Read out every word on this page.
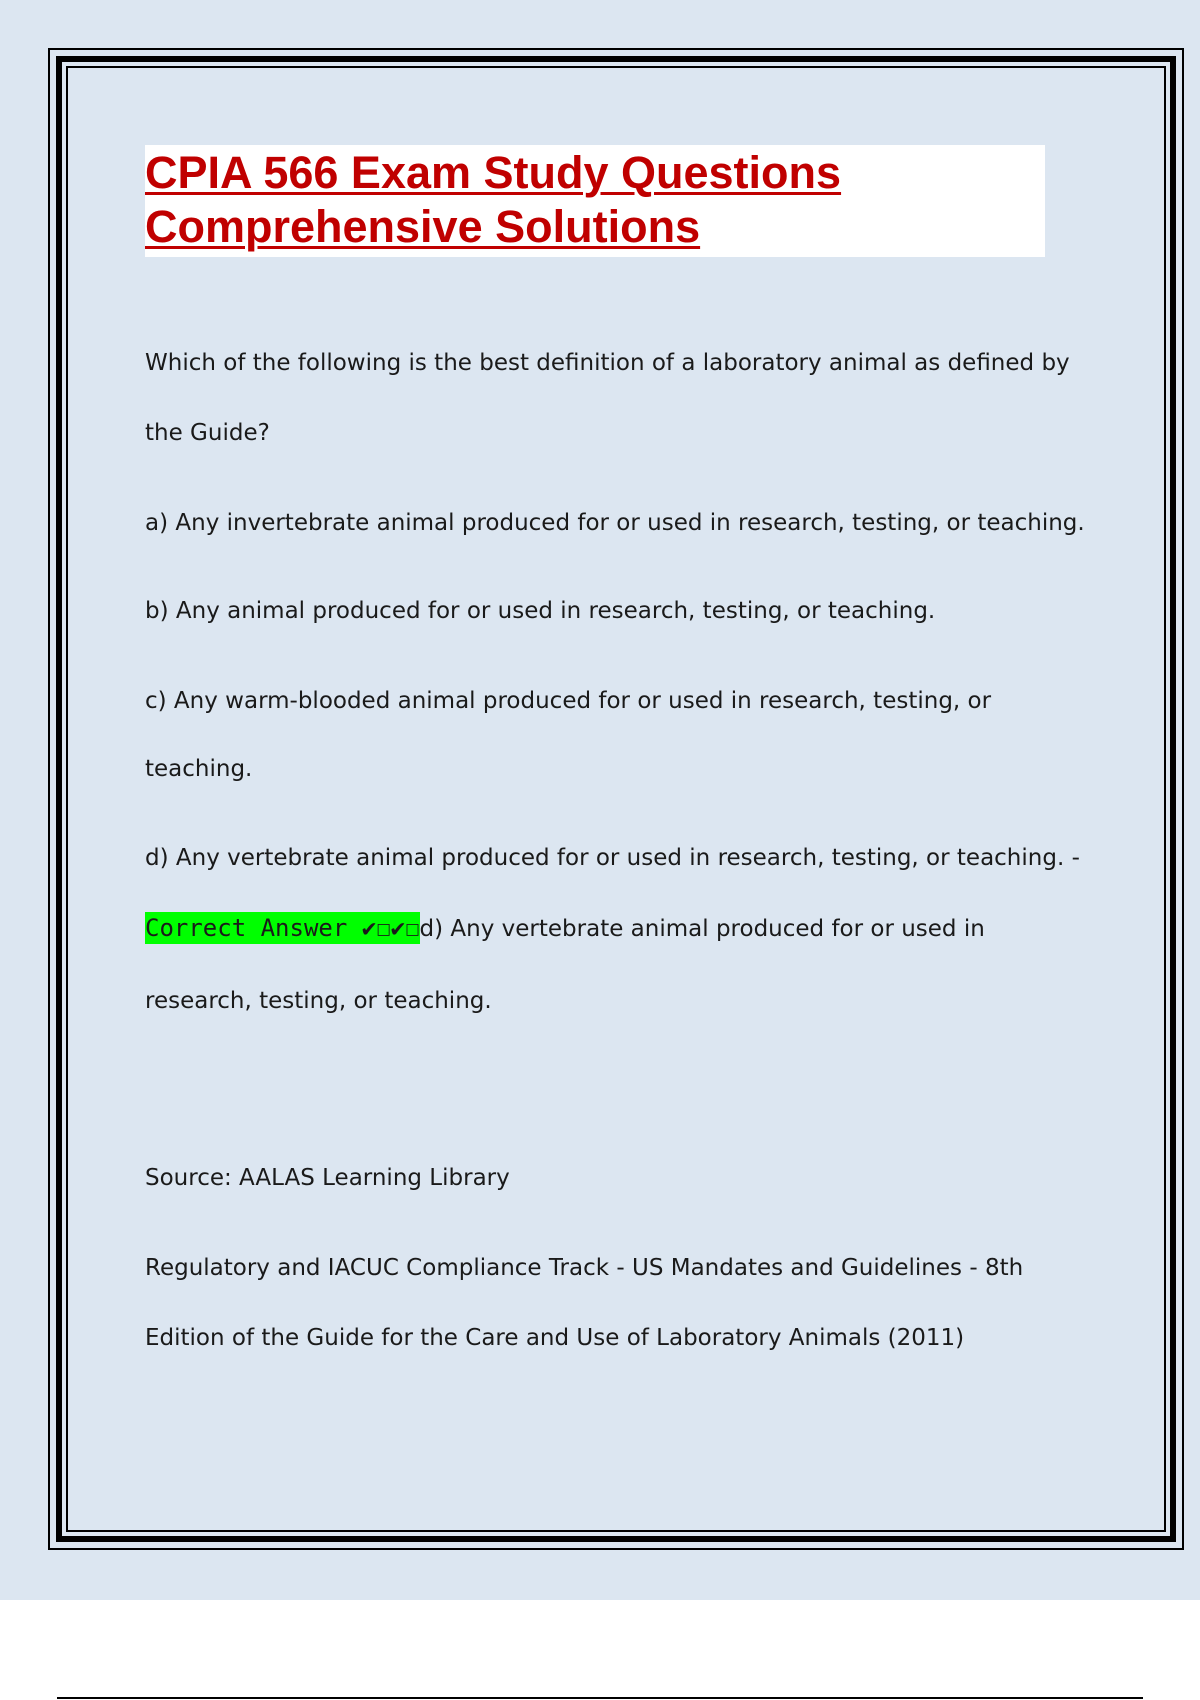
CPIA 566 Exam Study Questions
Comprehensive Solutions

Which of the following is the best definition of a laboratory animal as defined by

the Guide?

a) Any invertebrate animal produced for or used in research, testing, or teaching.

b) Any animal produced for or used in research, testing, or teaching.

c) Any warm-blooded animal produced for or used in research, testing, or

teaching.

d) Any vertebrate animal produced for or used in research, testing, or teaching. -

Correct Answer ✔☐✔☐d) Any vertebrate animal produced for or used in

research, testing, or teaching.

Source: AALAS Learning Library

Regulatory and IACUC Compliance Track - US Mandates and Guidelines - 8th

Edition of the Guide for the Care and Use of Laboratory Animals (2011)
